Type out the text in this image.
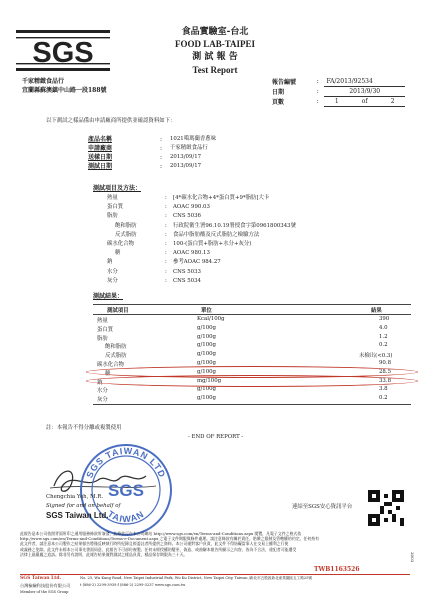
SGS
食品實驗室-台北
FOOD LAB-TAIPEI
測 試 報 告
Test Report
千家精緻食品行
宜蘭縣蘇澳鎮中山路一段188號
報告編號	:	FA/2013/92534		
日期	:	2013/9/30		
頁數	:	1	of	2
以下測試之樣品係由申請廠商所提供並確認資料如下：
產品名稱	: 1021噶瑪蘭香蔥味
申請廠商	: 千家精緻食品行
送樣日期	: 2013/09/17
測試日期	: 2013/09/17
測試項目及方法：
熱量	: [4*碳水化合物+4*蛋白質+9*脂肪]大卡
蛋白質	: AOAC 990.03
脂肪	: CNS 5036
飽和脂肪	: 行政院衛生署96.10.19署授食字第0961800343號
反式脂肪	: 食品中脂肪酸及反式脂肪之檢驗方法
碳水化合物	: 100-(蛋白質+脂肪+水分+灰分)
糖	: AOAC 980.13
鈉	: 參考AOAC 984.27
水分	: CNS 5033
灰分	: CNS 5034
測試結果：
測試項目	單位	結果
熱量	Kcal/100g	390
蛋白質	g/100g	4.0
脂肪	g/100g	1.2
飽和脂肪	g/100g	0.2
反式脂肪	g/100g	未檢出(<0.3)
碳水化合物	g/100g	90.8
糖	g/100g	28.5
鈉	mg/100g	33.8
水分	g/100g	3.8
灰分	g/100g	0.2
註：本報告不得分離或複製使用
- END OF REPORT -
SGS TAIWAN LTD
TAIWAN
SGS
Chengchia Yeh, M.R.
Signed for and on behalf of
SGS Taiwan Ltd.
連結至SGS安心資訊平台
此報告是本公司依照背面所印之通用服務條款所簽發，此條款可在本公司網站 http://www.sgs.com/en/Terms-and-Conditions.aspx 閱覽，凡電子文件之格式依
http://www.sgs.com/en/Terms-and-Conditions/Terms-e-Document.aspx 之電子文件期限與條件處理。請注意條款有關於責任、賠償之限制及管轄權的約定。任何持有
此文件者，請注意本公司製作之結果報告將僅反映執行時所紀錄且經委託者所提供之資料。本公司僅對客戶負責，此文件不得妨礙當事人在交易上權利之行使
或義務之免除。此文件未經本公司事先書面同意，此報告不可部份複製。任何未經授權的變更、偽造、或曲解本報告所顯示之內容，皆為不合法，違犯者可能遭受
法律上最嚴厲之追訴。除非另有說明，此報告結果僅對測試之樣品負責，樣品保存期限為三十天。
TWB1163526
3003
SGS Taiwan Ltd.
台灣檢驗科技股份有限公司
No. 25, Wu Kung Road, New Taipei Industrial Park, Wu Ku District, New Taipei City, Taiwan /新北市五股區新北產業園區五工路25號
t (886-2) 2299-3939 f (886-2) 2299-3237 www.sgs.com.tw
Member of the SGS Group
